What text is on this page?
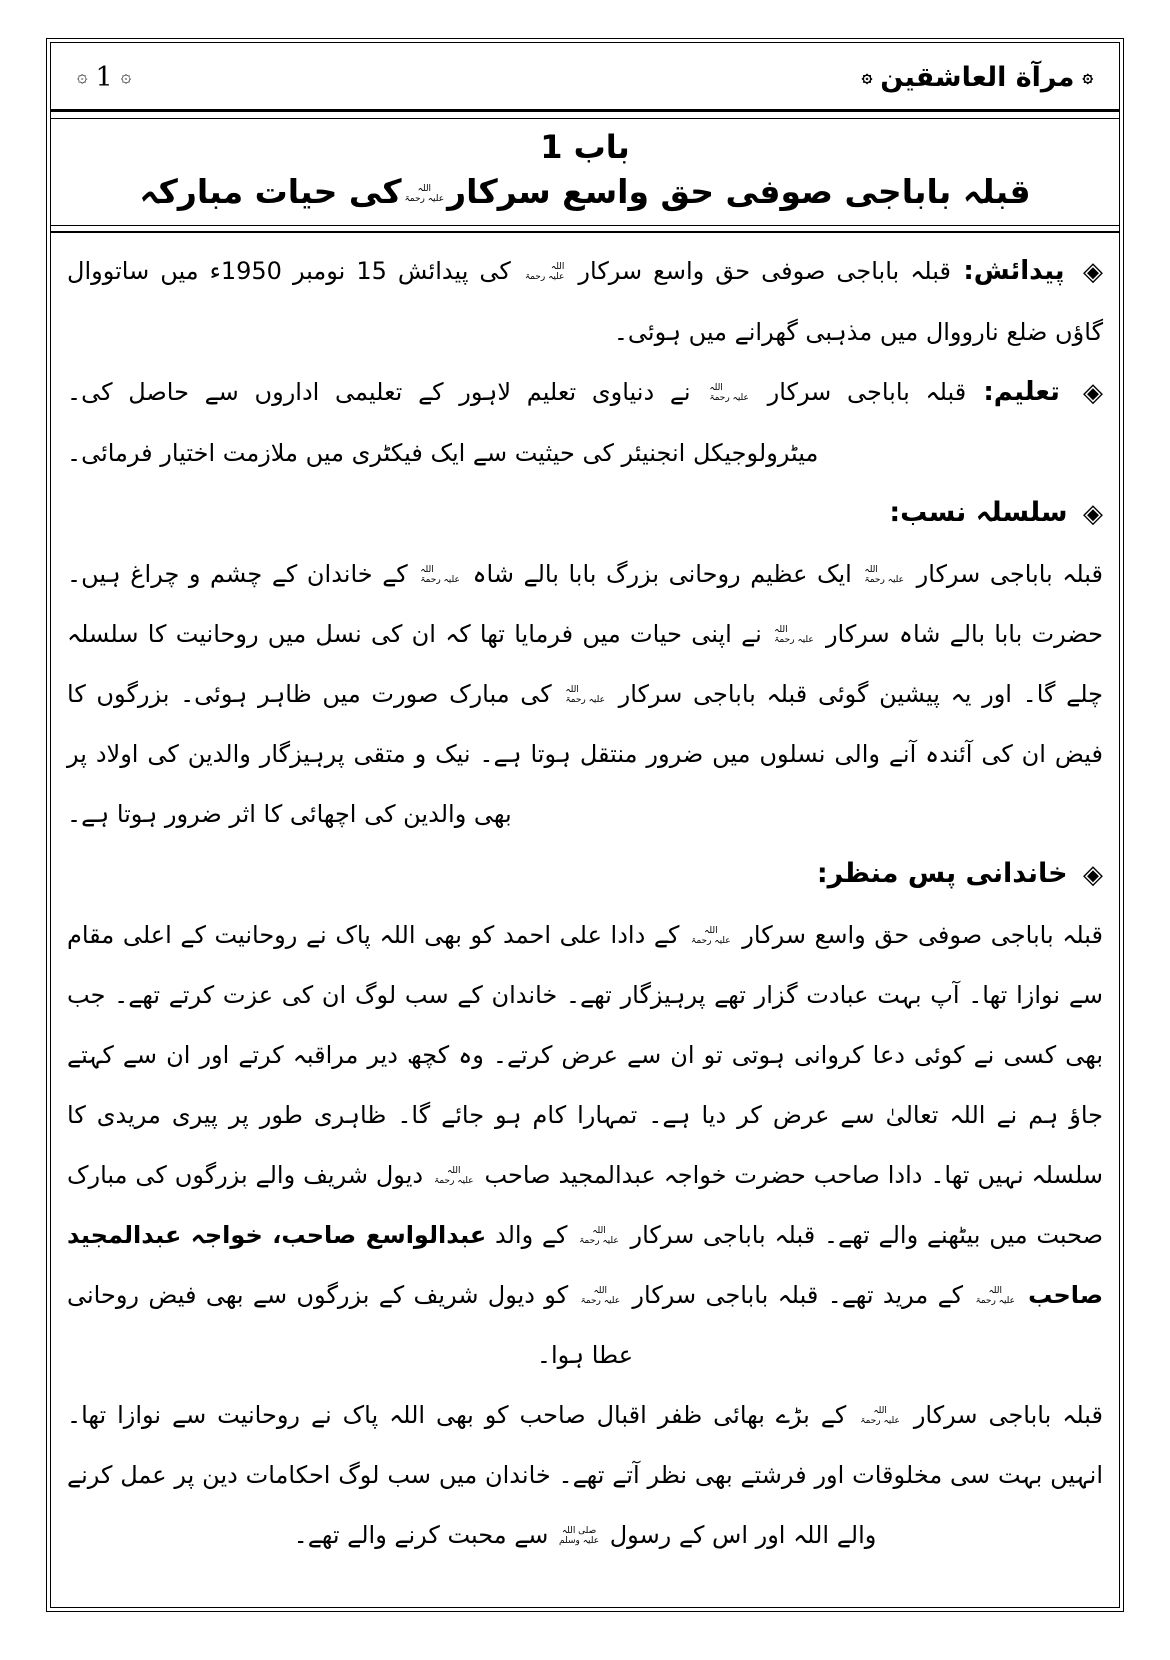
۞ 1 ۞	۞ مرآة العاشقين ۞
باب 1
قبلہ باباجی صوفی حق واسع سرکار
اللہ
علیہ رحمۃ
کی حیات مبارکہ
◈ پیدائش: قبلہ باباجی صوفی حق واسع سرکار
اللہ
علیہ رحمۃ
کی پیدائش 15 نومبر 1950ء میں ساتووال گاؤں ضلع نارووال میں مذہبی گھرانے میں ہوئی۔
◈ تعلیم: قبلہ باباجی سرکار
اللہ
علیہ رحمۃ
نے دنیاوی تعلیم لاہور کے تعلیمی اداروں سے حاصل کی۔ میٹرولوجیکل انجنیئر کی حیثیت سے ایک فیکٹری میں ملازمت اختیار فرمائی۔
◈ سلسلہ نسب:
قبلہ باباجی سرکار
اللہ
علیہ رحمۃ
ایک عظیم روحانی بزرگ بابا بالے شاہ
اللہ
علیہ رحمۃ
کے خاندان کے چشم و چراغ ہیں۔ حضرت بابا بالے شاہ سرکار
اللہ
علیہ رحمۃ
نے اپنی حیات میں فرمایا تھا کہ ان کی نسل میں روحانیت کا سلسلہ چلے گا۔ اور یہ پیشین گوئی قبلہ باباجی سرکار
اللہ
علیہ رحمۃ
کی مبارک صورت میں ظاہر ہوئی۔ بزرگوں کا فیض ان کی آئندہ آنے والی نسلوں میں ضرور منتقل ہوتا ہے۔ نیک و متقی پرہیزگار والدین کی اولاد پر بھی والدین کی اچھائی کا اثر ضرور ہوتا ہے۔
◈ خاندانی پس منظر:
قبلہ باباجی صوفی حق واسع سرکار
اللہ
علیہ رحمۃ
کے دادا علی احمد کو بھی اللہ پاک نے روحانیت کے اعلی مقام سے نوازا تھا۔ آپ بہت عبادت گزار تھے پرہیزگار تھے۔ خاندان کے سب لوگ ان کی عزت کرتے تھے۔ جب بھی کسی نے کوئی دعا کروانی ہوتی تو ان سے عرض کرتے۔ وہ کچھ دیر مراقبہ کرتے اور ان سے کہتے جاؤ ہم نے اللہ تعالیٰ سے عرض کر دیا ہے۔ تمہارا کام ہو جائے گا۔ ظاہری طور پر پیری مریدی کا سلسلہ نہیں تھا۔ دادا صاحب حضرت خواجہ عبدالمجید صاحب
اللہ
علیہ رحمۃ
دیول شریف والے بزرگوں کی مبارک صحبت میں بیٹھنے والے تھے۔ قبلہ باباجی سرکار
اللہ
علیہ رحمۃ
کے والد عبدالواسع صاحب، خواجہ عبدالمجید صاحب
اللہ
علیہ رحمۃ
کے مرید تھے۔ قبلہ باباجی سرکار
اللہ
علیہ رحمۃ
کو دیول شریف کے بزرگوں سے بھی فیض روحانی عطا ہوا۔
قبلہ باباجی سرکار
اللہ
علیہ رحمۃ
کے بڑے بھائی ظفر اقبال صاحب کو بھی اللہ پاک نے روحانیت سے نوازا تھا۔ انہیں بہت سی مخلوقات اور فرشتے بھی نظر آتے تھے۔ خاندان میں سب لوگ احکامات دین پر عمل کرنے والے اللہ اور اس کے رسول
صلی اللہ
علیہ وسلم
سے محبت کرنے والے تھے۔
